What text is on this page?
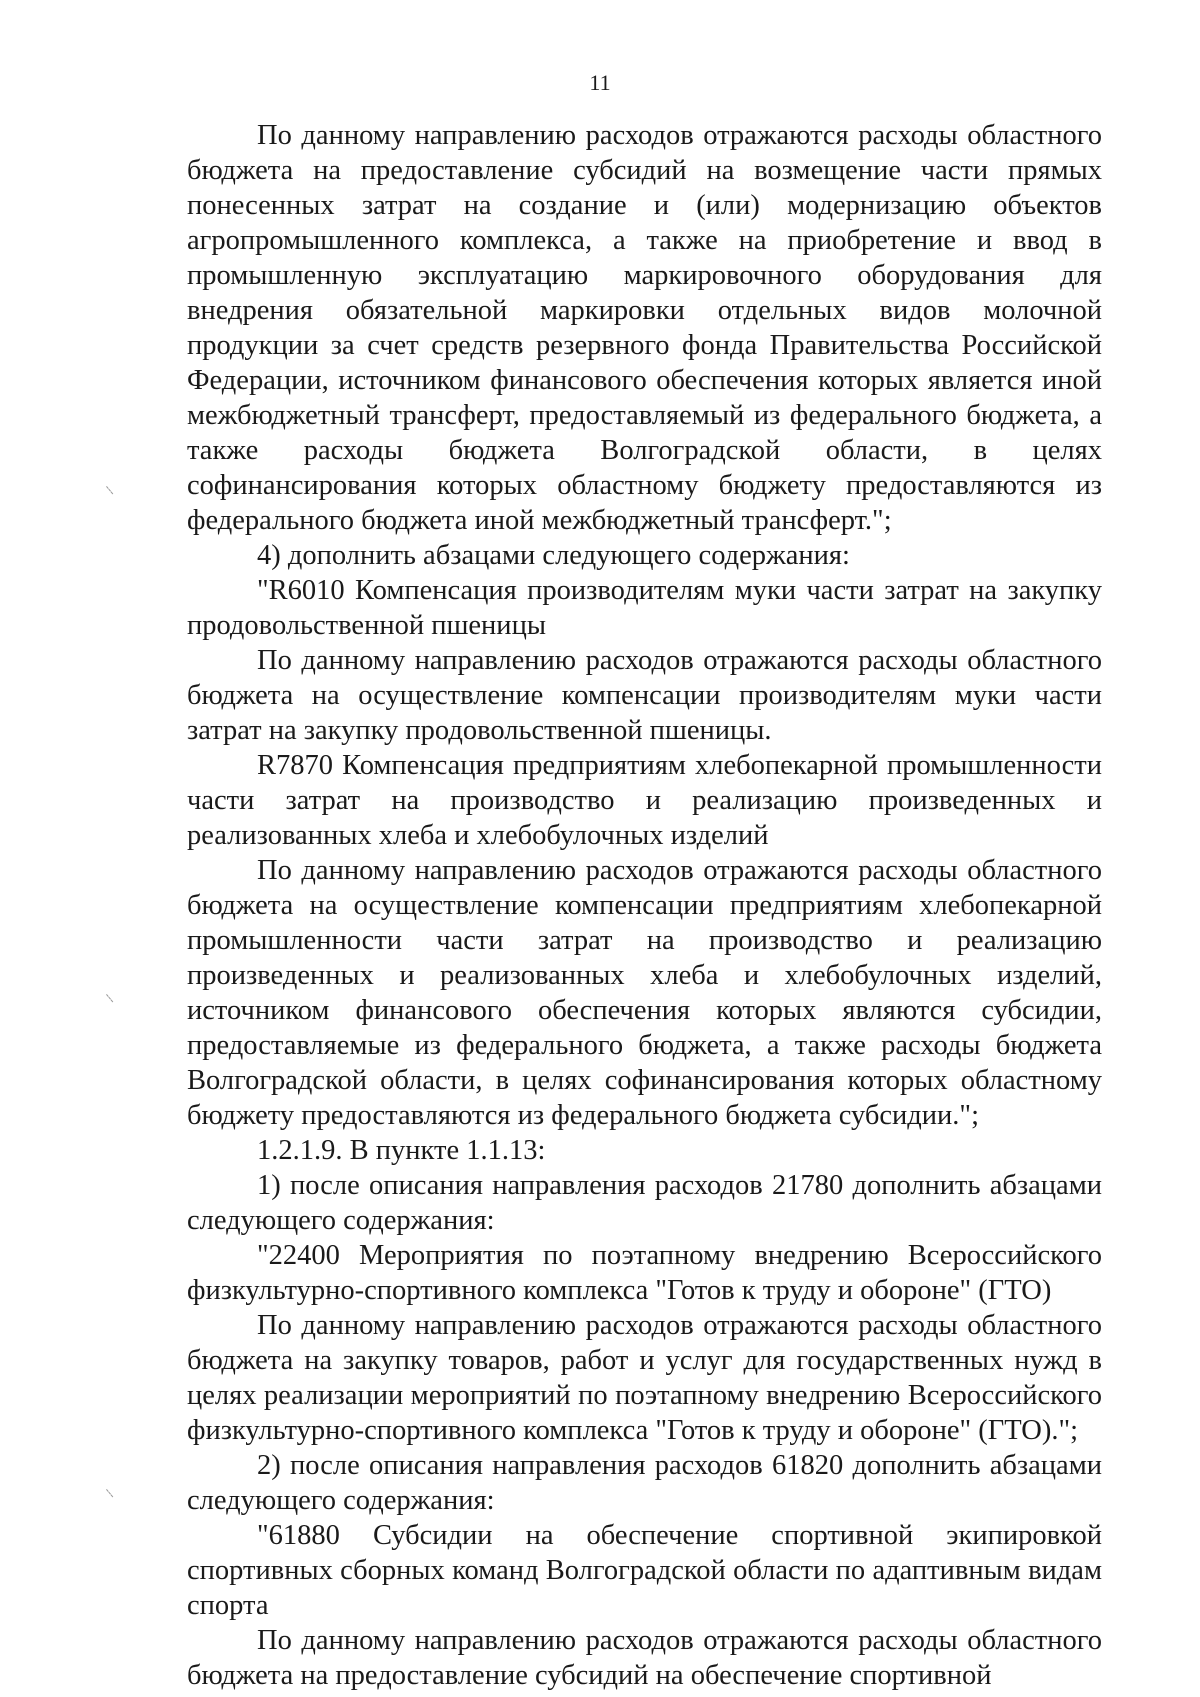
11

По данному направлению расходов отражаются расходы областного бюджета на предоставление субсидий на возмещение части прямых понесенных затрат на создание и (или) модернизацию объектов агропромышленного комплекса, а также на приобретение и ввод в промышленную эксплуатацию маркировочного оборудования для внедрения обязательной маркировки отдельных видов молочной продукции за счет средств резервного фонда Правительства Российской Федерации, источником финансового обеспечения которых является иной межбюджетный трансферт, предоставляемый из федерального бюджета, а также расходы бюджета Волгоградской области, в целях софинансирования которых областному бюджету предоставляются из федерального бюджета иной межбюджетный трансферт.";

4) дополнить абзацами следующего содержания:

"R6010 Компенсация производителям муки части затрат на закупку продовольственной пшеницы

По данному направлению расходов отражаются расходы областного бюджета на осуществление компенсации производителям муки части затрат на закупку продовольственной пшеницы.

R7870 Компенсация предприятиям хлебопекарной промышленности части затрат на производство и реализацию произведенных и реализованных хлеба и хлебобулочных изделий

По данному направлению расходов отражаются расходы областного бюджета на осуществление компенсации предприятиям хлебопекарной промышленности части затрат на производство и реализацию произведенных и реализованных хлеба и хлебобулочных изделий, источником финансового обеспечения которых являются субсидии, предоставляемые из федерального бюджета, а также расходы бюджета Волгоградской области, в целях софинансирования которых областному бюджету предоставляются из федерального бюджета субсидии.";

1.2.1.9. В пункте 1.1.13:

1) после описания направления расходов 21780 дополнить абзацами следующего содержания:

"22400 Мероприятия по поэтапному внедрению Всероссийского физкультурно-спортивного комплекса "Готов к труду и обороне" (ГТО)

По данному направлению расходов отражаются расходы областного бюджета на закупку товаров, работ и услуг для государственных нужд в целях реализации мероприятий по поэтапному внедрению Всероссийского физкультурно-спортивного комплекса "Готов к труду и обороне" (ГТО).";

2) после описания направления расходов 61820 дополнить абзацами следующего содержания:

"61880 Субсидии на обеспечение спортивной экипировкой спортивных сборных команд Волгоградской области по адаптивным видам спорта

По данному направлению расходов отражаются расходы областного бюджета на предоставление субсидий на обеспечение спортивной
